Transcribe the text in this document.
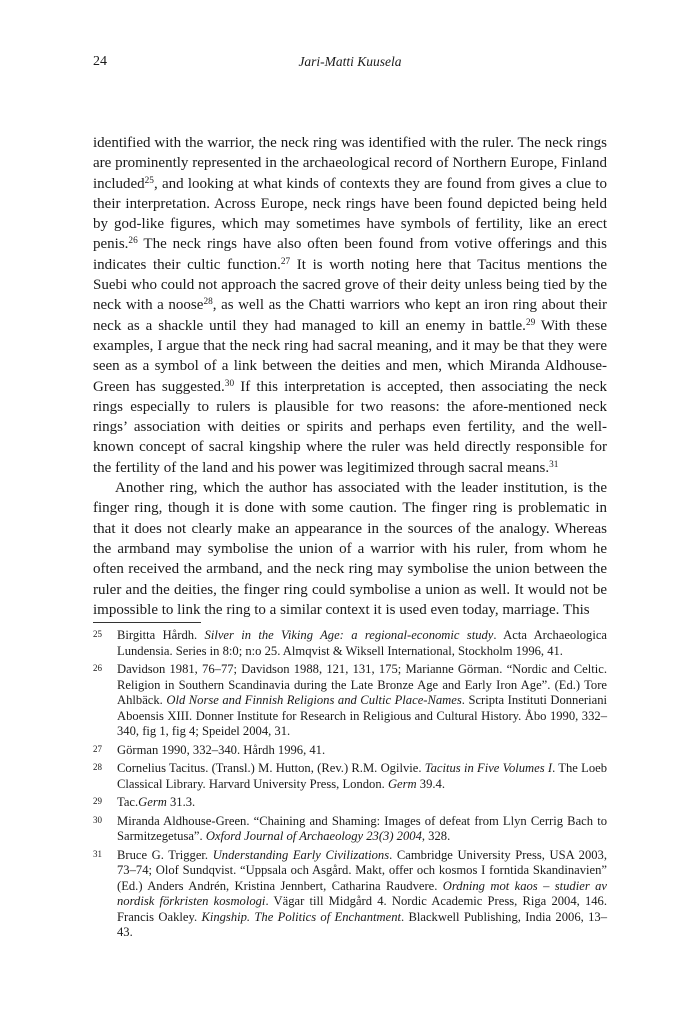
24	Jari-Matti Kuusela

identified with the warrior, the neck ring was identified with the ruler. The neck rings are prominently represented in the archaeological record of Northern Europe, Finland included$^{25}$, and looking at what kinds of contexts they are found from gives a clue to their interpretation. Across Europe, neck rings have been found depicted being held by god-like figures, which may sometimes have symbols of fertility, like an erect penis.$^{26}$ The neck rings have also often been found from votive offerings and this indicates their cultic function.$^{27}$ It is worth noting here that Tacitus mentions the Suebi who could not approach the sacred grove of their deity unless being tied by the neck with a noose$^{28}$, as well as the Chatti warriors who kept an iron ring about their neck as a shackle until they had managed to kill an enemy in battle.$^{29}$ With these examples, I argue that the neck ring had sacral meaning, and it may be that they were seen as a symbol of a link between the deities and men, which Miranda Aldhouse-Green has suggested.$^{30}$ If this interpretation is accepted, then associating the neck rings especially to rulers is plausible for two reasons: the afore-mentioned neck rings’ association with deities or spirits and perhaps even fertility, and the well-known concept of sacral kingship where the ruler was held directly responsible for the fertility of the land and his power was legitimized through sacral means.$^{31}$

Another ring, which the author has associated with the leader institution, is the finger ring, though it is done with some caution. The finger ring is problematic in that it does not clearly make an appearance in the sources of the analogy. Whereas the armband may symbolise the union of a warrior with his ruler, from whom he often received the armband, and the neck ring may symbolise the union between the ruler and the deities, the finger ring could symbolise a union as well. It would not be impossible to link the ring to a similar context it is used even today, marriage. This

25 Birgitta Hårdh. Silver in the Viking Age: a regional-economic study. Acta Archaeologica Lundensia. Series in 8:0; n:o 25. Almqvist & Wiksell International, Stockholm 1996, 41.
26 Davidson 1981, 76–77; Davidson 1988, 121, 131, 175; Marianne Görman. “Nordic and Celtic. Religion in Southern Scandinavia during the Late Bronze Age and Early Iron Age”. (Ed.) Tore Ahlbäck. Old Norse and Finnish Religions and Cultic Place-Names. Scripta Instituti Donneriani Aboensis XIII. Donner Institute for Research in Religious and Cultural History. Åbo 1990, 332–340, fig 1, fig 4; Speidel 2004, 31.
27 Görman 1990, 332–340. Hårdh 1996, 41.
28 Cornelius Tacitus. (Transl.) M. Hutton, (Rev.) R.M. Ogilvie. Tacitus in Five Volumes I. The Loeb Classical Library. Harvard University Press, London. Germ 39.4.
29 Tac.Germ 31.3.
30 Miranda Aldhouse-Green. “Chaining and Shaming: Images of defeat from Llyn Cerrig Bach to Sarmitzegetusa”. Oxford Journal of Archaeology 23(3) 2004, 328.
31 Bruce G. Trigger. Understanding Early Civilizations. Cambridge University Press, USA 2003, 73–74; Olof Sundqvist. “Uppsala och Asgård. Makt, offer och kosmos I forntida Skandinavien” (Ed.) Anders Andrén, Kristina Jennbert, Catharina Raudvere. Ordning mot kaos – studier av nordisk förkristen kosmologi. Vägar till Midgård 4. Nordic Academic Press, Riga 2004, 146. Francis Oakley. Kingship. The Politics of Enchantment. Blackwell Publishing, India 2006, 13–43.
